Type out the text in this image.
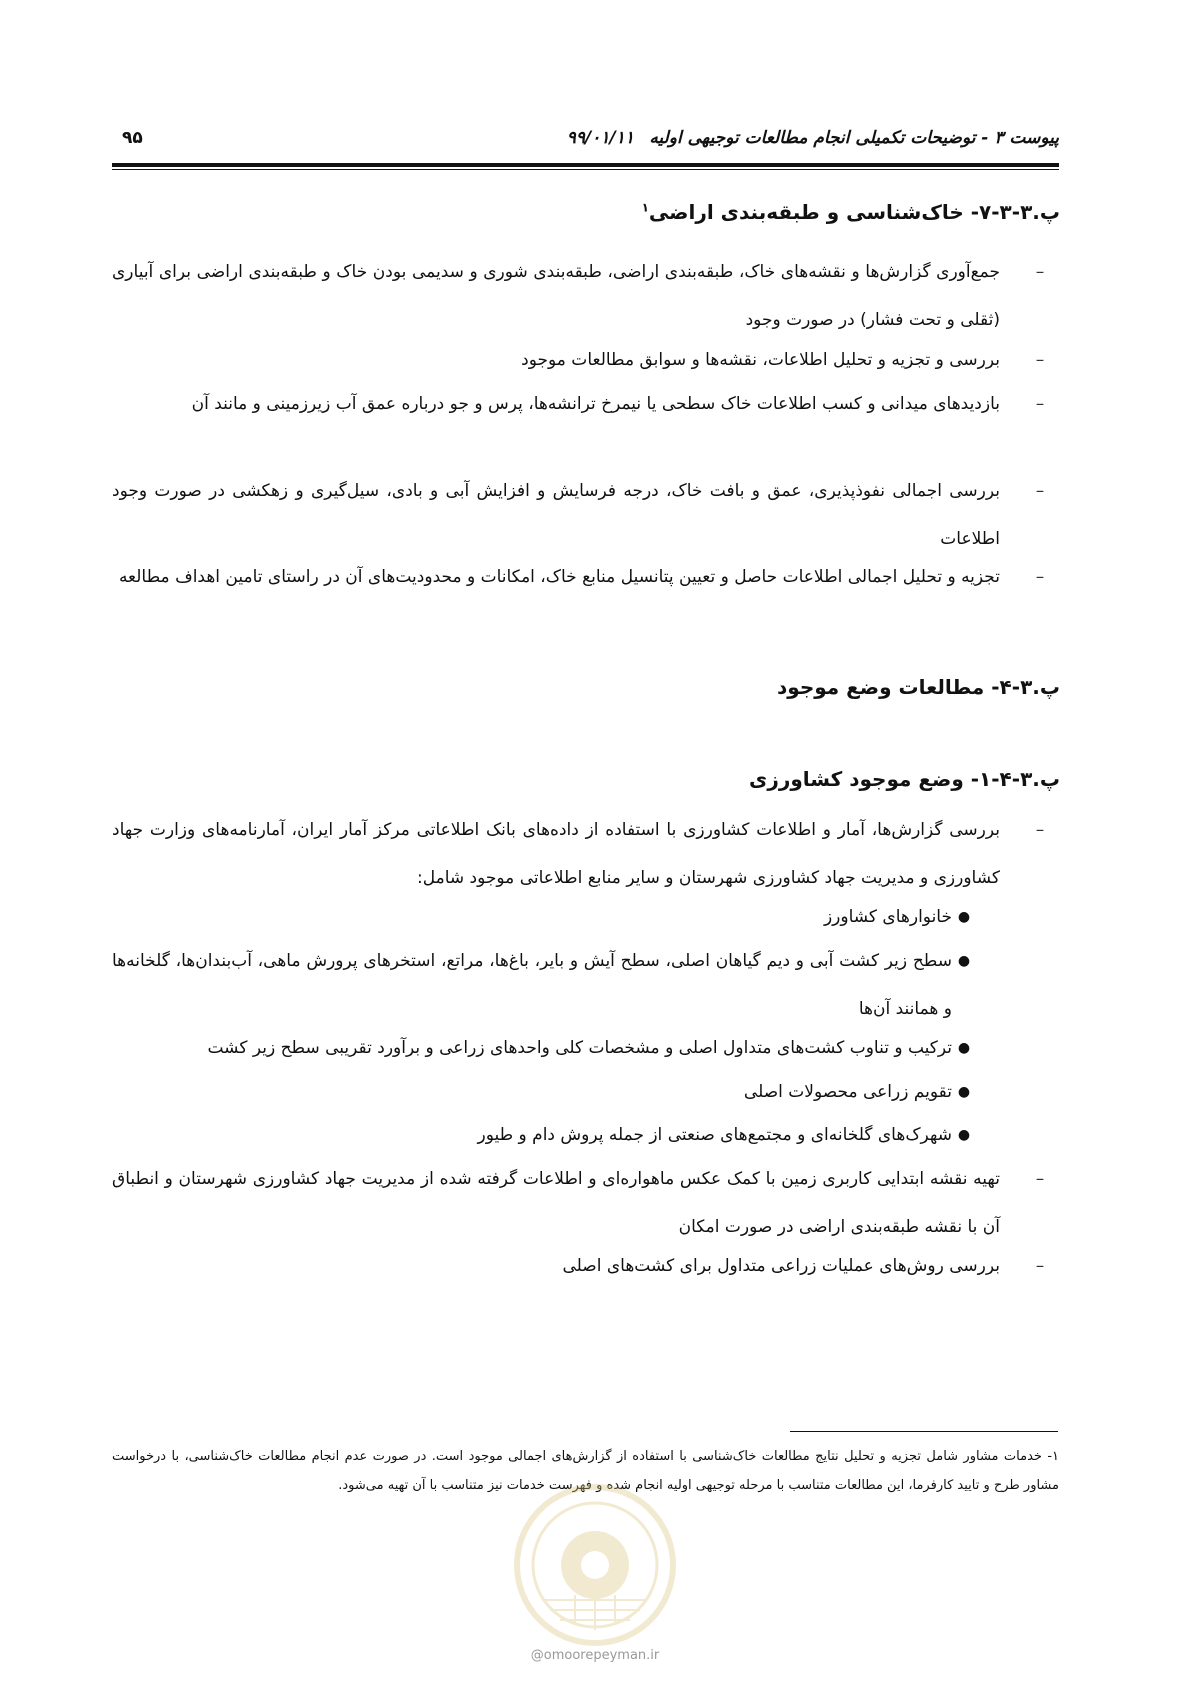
پیوست ۳ - توضیحات تکمیلی انجام مطالعات توجیهی اولیه
۹۹/۰۱/۱۱
۹۵
پ.۳-۳-۷- خاک‌شناسی و طبقه‌بندی اراضی$^۱$
–
جمع‌آوری گزارش‌ها و نقشه‌های خاک، طبقه‌بندی اراضی، طبقه‌بندی شوری و سدیمی بودن خاک و طبقه‌بندی اراضی برای آبیاری (ثقلی و تحت فشار) در صورت وجود
–
بررسی و تجزیه و تحلیل اطلاعات، نقشه‌ها و سوابق مطالعات موجود
–
بازدیدهای میدانی و کسب اطلاعات خاک سطحی یا نیمرخ ترانشه‌ها، پرس و جو درباره عمق آب زیرزمینی و مانند آن
–
بررسی اجمالی نفوذپذیری، عمق و بافت خاک، درجه فرسایش و افزایش آبی و بادی، سیل‌گیری و زهکشی در صورت وجود اطلاعات
–
تجزیه و تحلیل اجمالی اطلاعات حاصل و تعیین پتانسیل منابع خاک، امکانات و محدودیت‌های آن در راستای تامین اهداف مطالعه
پ.۳-۴- مطالعات وضع موجود
پ.۳-۴-۱- وضع موجود کشاورزی
–
بررسی گزارش‌ها، آمار و اطلاعات کشاورزی با استفاده از داده‌های بانک اطلاعاتی مرکز آمار ایران، آمارنامه‌های وزارت جهاد کشاورزی و مدیریت جهاد کشاورزی شهرستان و سایر منابع اطلاعاتی موجود شامل:
●
خانوارهای کشاورز
●
سطح زیر کشت آبی و دیم گیاهان اصلی، سطح آیش و بایر، باغ‌ها، مراتع، استخرهای پرورش ماهی، آب‌بندان‌ها، گلخانه‌ها و همانند آن‌ها
●
ترکیب و تناوب کشت‌های متداول اصلی و مشخصات کلی واحدهای زراعی و برآورد تقریبی سطح زیر کشت
●
تقویم زراعی محصولات اصلی
●
شهرک‌های گلخانه‌ای و مجتمع‌های صنعتی از جمله پروش دام و طیور
–
تهیه نقشه ابتدایی کاربری زمین با کمک عکس ماهواره‌ای و اطلاعات گرفته شده از مدیریت جهاد کشاورزی شهرستان و انطباق آن با نقشه طبقه‌بندی اراضی در صورت امکان
–
بررسی روش‌های عملیات زراعی متداول برای کشت‌های اصلی
۱- خدمات مشاور شامل تجزیه و تحلیل نتایج مطالعات خاک‌شناسی با استفاده از گزارش‌های اجمالی موجود است. در صورت عدم انجام مطالعات خاک‌شناسی، با درخواست مشاور طرح و تایید کارفرما، این مطالعات متناسب با مرحله توجیهی اولیه انجام شده و فهرست خدمات نیز متناسب با آن تهیه می‌شود.
@omoorepeyman.ir
